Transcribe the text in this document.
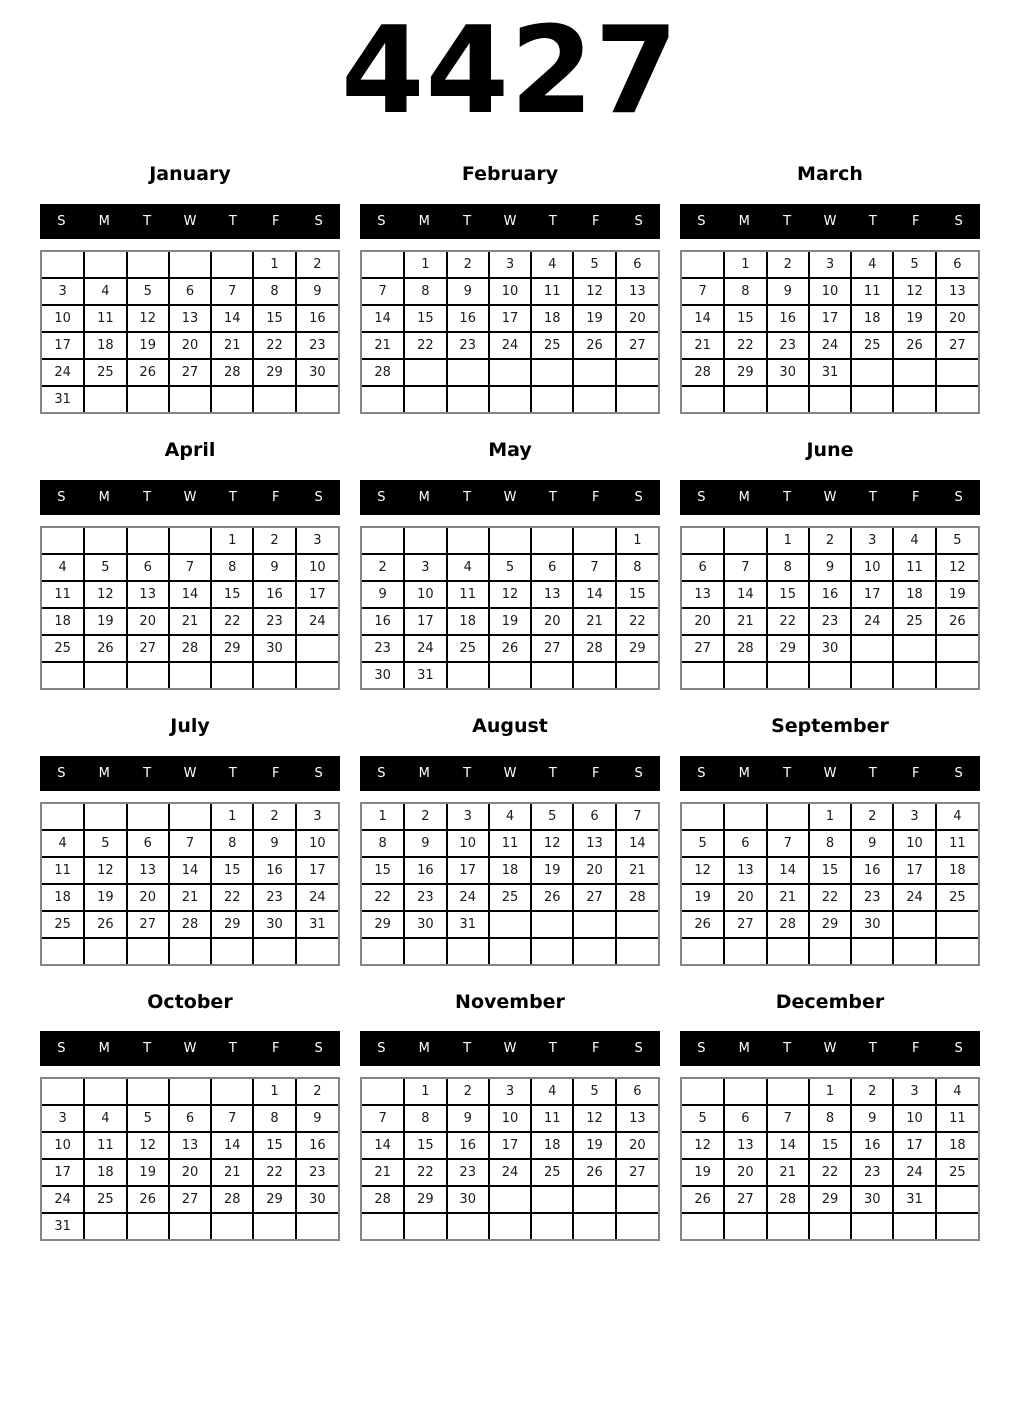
4427
January
S	M	T	W	T	F	S
					1	2
3	4	5	6	7	8	9
10	11	12	13	14	15	16
17	18	19	20	21	22	23
24	25	26	27	28	29	30
31						
February
S	M	T	W	T	F	S
	1	2	3	4	5	6
7	8	9	10	11	12	13
14	15	16	17	18	19	20
21	22	23	24	25	26	27
28						

March
S	M	T	W	T	F	S
	1	2	3	4	5	6
7	8	9	10	11	12	13
14	15	16	17	18	19	20
21	22	23	24	25	26	27
28	29	30	31			

April
S	M	T	W	T	F	S
				1	2	3
4	5	6	7	8	9	10
11	12	13	14	15	16	17
18	19	20	21	22	23	24
25	26	27	28	29	30	

May
S	M	T	W	T	F	S
						1
2	3	4	5	6	7	8
9	10	11	12	13	14	15
16	17	18	19	20	21	22
23	24	25	26	27	28	29
30	31					
June
S	M	T	W	T	F	S
		1	2	3	4	5
6	7	8	9	10	11	12
13	14	15	16	17	18	19
20	21	22	23	24	25	26
27	28	29	30			

July
S	M	T	W	T	F	S
				1	2	3
4	5	6	7	8	9	10
11	12	13	14	15	16	17
18	19	20	21	22	23	24
25	26	27	28	29	30	31

August
S	M	T	W	T	F	S
1	2	3	4	5	6	7
8	9	10	11	12	13	14
15	16	17	18	19	20	21
22	23	24	25	26	27	28
29	30	31				

September
S	M	T	W	T	F	S
			1	2	3	4
5	6	7	8	9	10	11
12	13	14	15	16	17	18
19	20	21	22	23	24	25
26	27	28	29	30		

October
S	M	T	W	T	F	S
					1	2
3	4	5	6	7	8	9
10	11	12	13	14	15	16
17	18	19	20	21	22	23
24	25	26	27	28	29	30
31						
November
S	M	T	W	T	F	S
	1	2	3	4	5	6
7	8	9	10	11	12	13
14	15	16	17	18	19	20
21	22	23	24	25	26	27
28	29	30				

December
S	M	T	W	T	F	S
			1	2	3	4
5	6	7	8	9	10	11
12	13	14	15	16	17	18
19	20	21	22	23	24	25
26	27	28	29	30	31	
